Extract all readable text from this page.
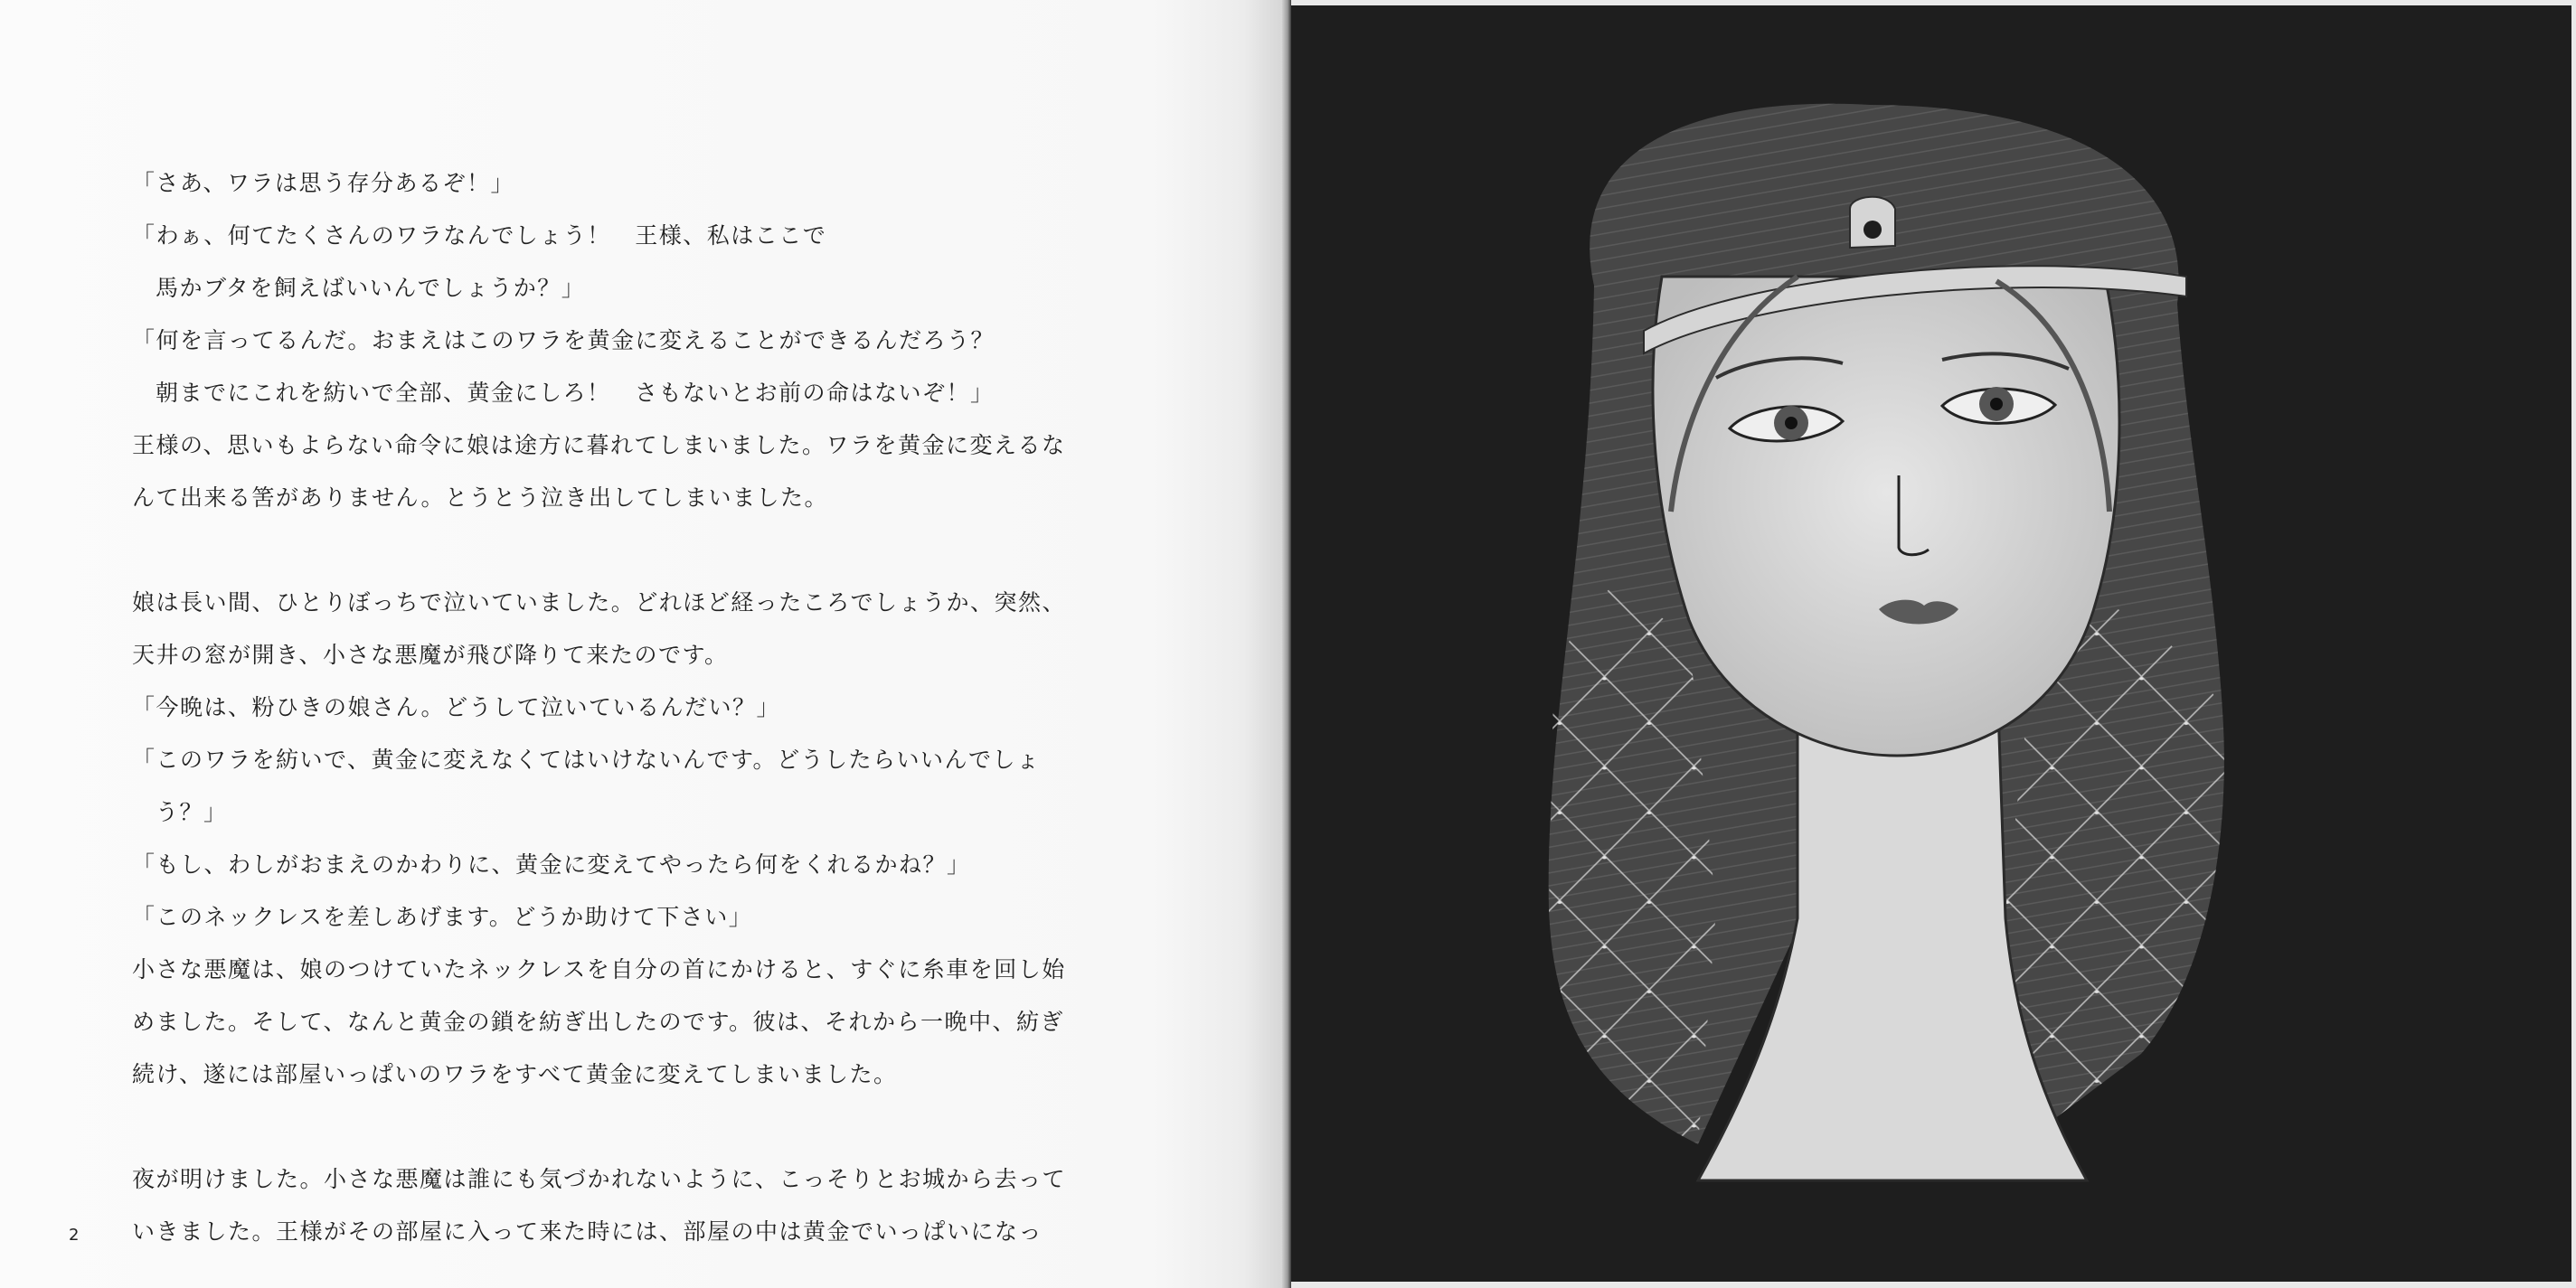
「さあ、ワラは思う存分あるぞ！」
「わぁ、何てたくさんのワラなんでしょう！　王様、私はここで
馬かブタを飼えばいいんでしょうか？」
「何を言ってるんだ。おまえはこのワラを黄金に変えることができるんだろう？
朝までにこれを紡いで全部、黄金にしろ！　さもないとお前の命はないぞ！」
王様の、思いもよらない命令に娘は途方に暮れてしまいました。ワラを黄金に変えるな
んて出来る筈がありません。とうとう泣き出してしまいました。
娘は長い間、ひとりぼっちで泣いていました。どれほど経ったころでしょうか、突然、
天井の窓が開き、小さな悪魔が飛び降りて来たのです。
「今晩は、粉ひきの娘さん。どうして泣いているんだい？」
「このワラを紡いで、黄金に変えなくてはいけないんです。どうしたらいいんでしょ
う？」
「もし、わしがおまえのかわりに、黄金に変えてやったら何をくれるかね？」
「このネックレスを差しあげます。どうか助けて下さい」
小さな悪魔は、娘のつけていたネックレスを自分の首にかけると、すぐに糸車を回し始
めました。そして、なんと黄金の鎖を紡ぎ出したのです。彼は、それから一晩中、紡ぎ
続け、遂には部屋いっぱいのワラをすべて黄金に変えてしまいました。
夜が明けました。小さな悪魔は誰にも気づかれないように、こっそりとお城から去って
いきました。王様がその部屋に入って来た時には、部屋の中は黄金でいっぱいになっ
2
